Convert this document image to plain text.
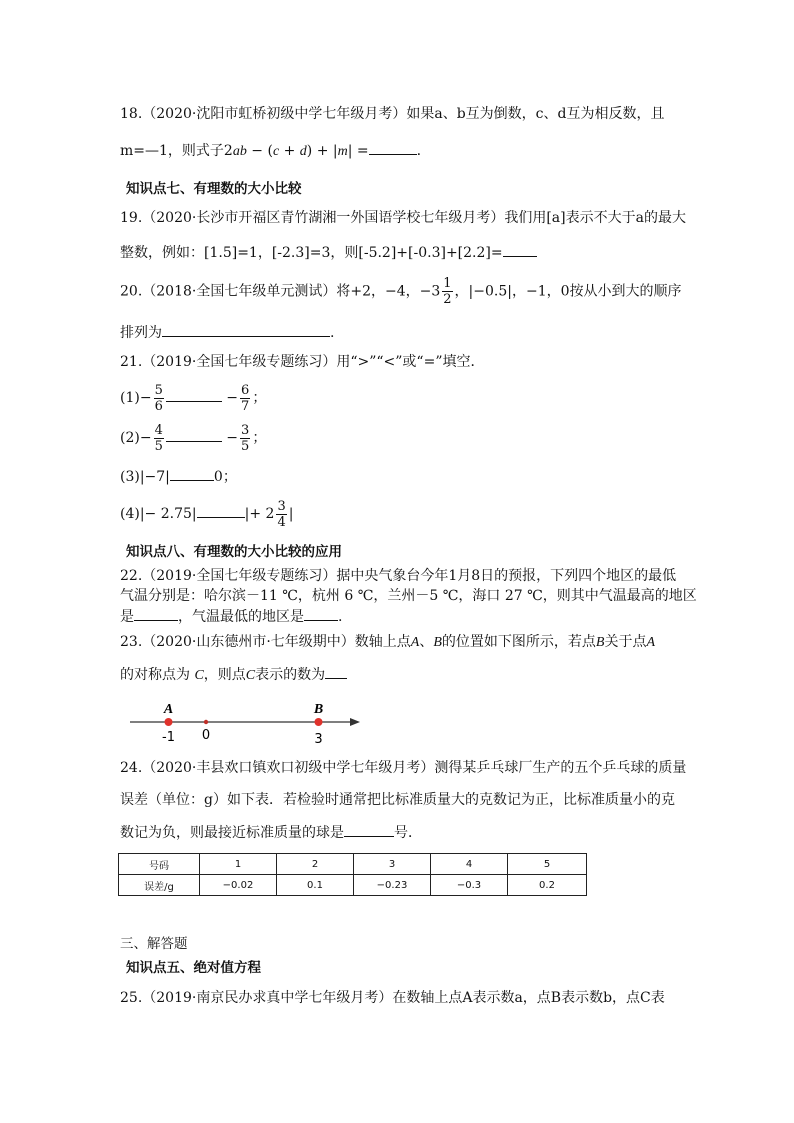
18.（2020·沈阳市虹桥初级中学七年级月考）如果a、b互为倒数，c、d互为相反数，且
m=—1，则式子2ab − (c + d) + |m| =	.
知识点七、有理数的大小比较
19.（2020·长沙市开福区青竹湖湘一外国语学校七年级月考）我们用[a]表示不大于a的最大
整数，例如：[1.5]=1，[-2.3]=3，则[-5.2]+[-0.3]+[2.2]=
20.（2018·全国七年级单元测试）将+2，−4，$-3 \frac{1}{2}$ ，|−0.5|，−1，0按从小到大的顺序
排列为	.
21.（2019·全国七年级专题练习）用“>”“<”或“=”填空．
$(1)- \frac{5}{6}$	− $\frac{6}{7}$ ；
$(2)- \frac{4}{5}$	− $\frac{3}{5}$ ；
(3)|−7|	0；
(4)|− 2.75|	|+ $2 \frac{3}{4}$ |
知识点八、有理数的大小比较的应用
22.（2019·全国七年级专题练习）据中央气象台今年1月8日的预报，下列四个地区的最低
气温分别是：哈尔滨－11 ℃，杭州 6 ℃，兰州－5 ℃，海口 27 ℃，则其中气温最高的地区
是	，气温最低的地区是 .
23.（2020·山东德州市·七年级期中）数轴上点A、B的位置如下图所示，若点B关于点A
的对称点为 C，则点C表示的数为
A	B
-1 0	3
24.（2020·丰县欢口镇欢口初级中学七年级月考）测得某乒乓球厂生产的五个乒乓球的质量
误差（单位：g）如下表．若检验时通常把比标准质量大的克数记为正，比标准质量小的克
数记为负，则最接近标准质量的球是	号．
号码	1	2	3	4	5
误差/g	−0.02	0.1	−0.23	−0.3	0.2
三、解答题
知识点五、绝对值方程
25.（2019·南京民办求真中学七年级月考）在数轴上点A表示数a，点B表示数b，点C表
